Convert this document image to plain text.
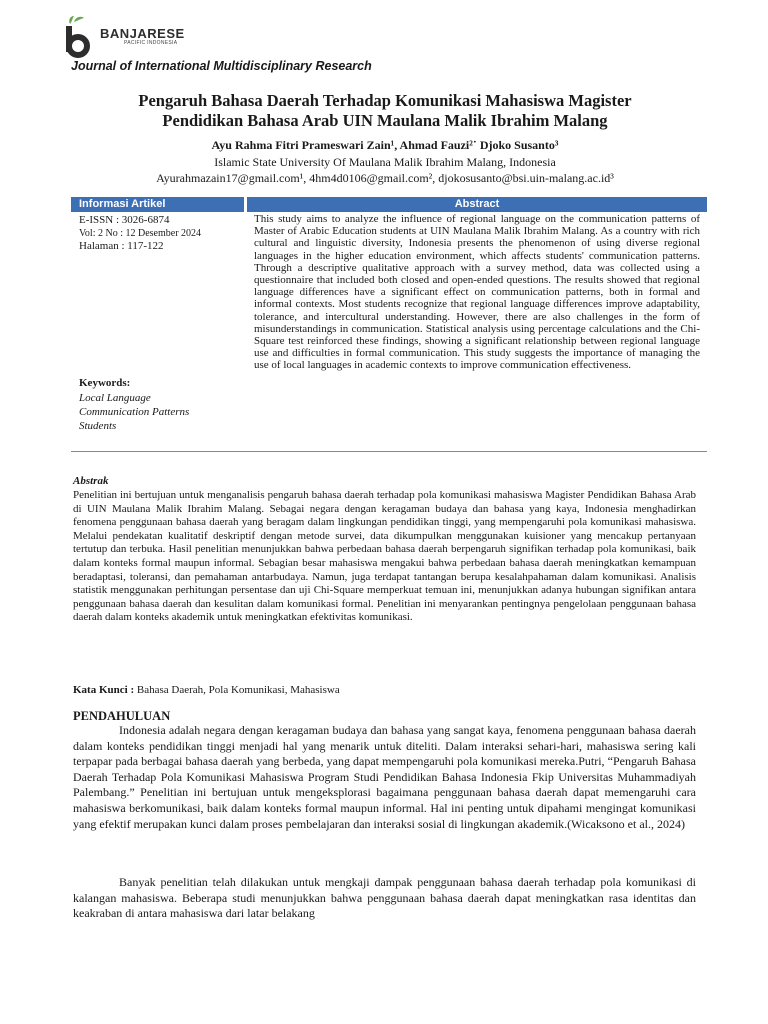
BANJARESE
PACIFIC INDONESIA
Journal of International Multidisciplinary Research
Pengaruh Bahasa Daerah Terhadap Komunikasi Mahasiswa Magister
Pendidikan Bahasa Arab UIN Maulana Malik Ibrahim Malang
Ayu Rahma Fitri Prameswari Zain¹, Ahmad Fauzi²˙ Djoko Susanto³
Islamic State University Of Maulana Malik Ibrahim Malang, Indonesia
Ayurahmazain17@gmail.com¹, 4hm4d0106@gmail.com², djokosusanto@bsi.uin-malang.ac.id³
Informasi Artikel	Abstract
E-ISSN : 3026-6874
Vol: 2 No : 12 Desember 2024
Halaman : 117-122
This study aims to analyze the influence of regional language on the communication patterns of Master of Arabic Education students at UIN Maulana Malik Ibrahim Malang. As a country with rich cultural and linguistic diversity, Indonesia presents the phenomenon of using diverse regional languages in the higher education environment, which affects students' communication patterns. Through a descriptive qualitative approach with a survey method, data was collected using a questionnaire that included both closed and open-ended questions. The results showed that regional language differences have a significant effect on communication patterns, both in formal and informal contexts. Most students recognize that regional language differences improve adaptability, tolerance, and intercultural understanding. However, there are also challenges in the form of misunderstandings in communication. Statistical analysis using percentage calculations and the Chi-Square test reinforced these findings, showing a significant relationship between regional language use and difficulties in formal communication. This study suggests the importance of managing the use of local languages in academic contexts to improve communication effectiveness.
Keywords:
Local Language
Communication Patterns
Students
Abstrak
Penelitian ini bertujuan untuk menganalisis pengaruh bahasa daerah terhadap pola komunikasi mahasiswa Magister Pendidikan Bahasa Arab di UIN Maulana Malik Ibrahim Malang. Sebagai negara dengan keragaman budaya dan bahasa yang kaya, Indonesia menghadirkan fenomena penggunaan bahasa daerah yang beragam dalam lingkungan pendidikan tinggi, yang mempengaruhi pola komunikasi mahasiswa. Melalui pendekatan kualitatif deskriptif dengan metode survei, data dikumpulkan menggunakan kuisioner yang mencakup pertanyaan tertutup dan terbuka. Hasil penelitian menunjukkan bahwa perbedaan bahasa daerah berpengaruh signifikan terhadap pola komunikasi, baik dalam konteks formal maupun informal. Sebagian besar mahasiswa mengakui bahwa perbedaan bahasa daerah meningkatkan kemampuan beradaptasi, toleransi, dan pemahaman antarbudaya. Namun, juga terdapat tantangan berupa kesalahpahaman dalam komunikasi. Analisis statistik menggunakan perhitungan persentase dan uji Chi-Square memperkuat temuan ini, menunjukkan adanya hubungan signifikan antara penggunaan bahasa daerah dan kesulitan dalam komunikasi formal. Penelitian ini menyarankan pentingnya pengelolaan penggunaan bahasa daerah dalam konteks akademik untuk meningkatkan efektivitas komunikasi.
Kata Kunci : Bahasa Daerah, Pola Komunikasi, Mahasiswa
PENDAHULUAN
Indonesia adalah negara dengan keragaman budaya dan bahasa yang sangat kaya, fenomena penggunaan bahasa daerah dalam konteks pendidikan tinggi menjadi hal yang menarik untuk diteliti. Dalam interaksi sehari-hari, mahasiswa sering kali terpapar pada berbagai bahasa daerah yang berbeda, yang dapat mempengaruhi pola komunikasi mereka.Putri, “Pengaruh Bahasa Daerah Terhadap Pola Komunikasi Mahasiswa Program Studi Pendidikan Bahasa Indonesia Fkip Universitas Muhammadiyah Palembang.” Penelitian ini bertujuan untuk mengeksplorasi bagaimana penggunaan bahasa daerah dapat memengaruhi cara mahasiswa berkomunikasi, baik dalam konteks formal maupun informal. Hal ini penting untuk dipahami mengingat komunikasi yang efektif merupakan kunci dalam proses pembelajaran dan interaksi sosial di lingkungan akademik.(Wicaksono et al., 2024)
Banyak penelitian telah dilakukan untuk mengkaji dampak penggunaan bahasa daerah terhadap pola komunikasi di kalangan mahasiswa. Beberapa studi menunjukkan bahwa penggunaan bahasa daerah dapat meningkatkan rasa identitas dan keakraban di antara mahasiswa dari latar belakang
